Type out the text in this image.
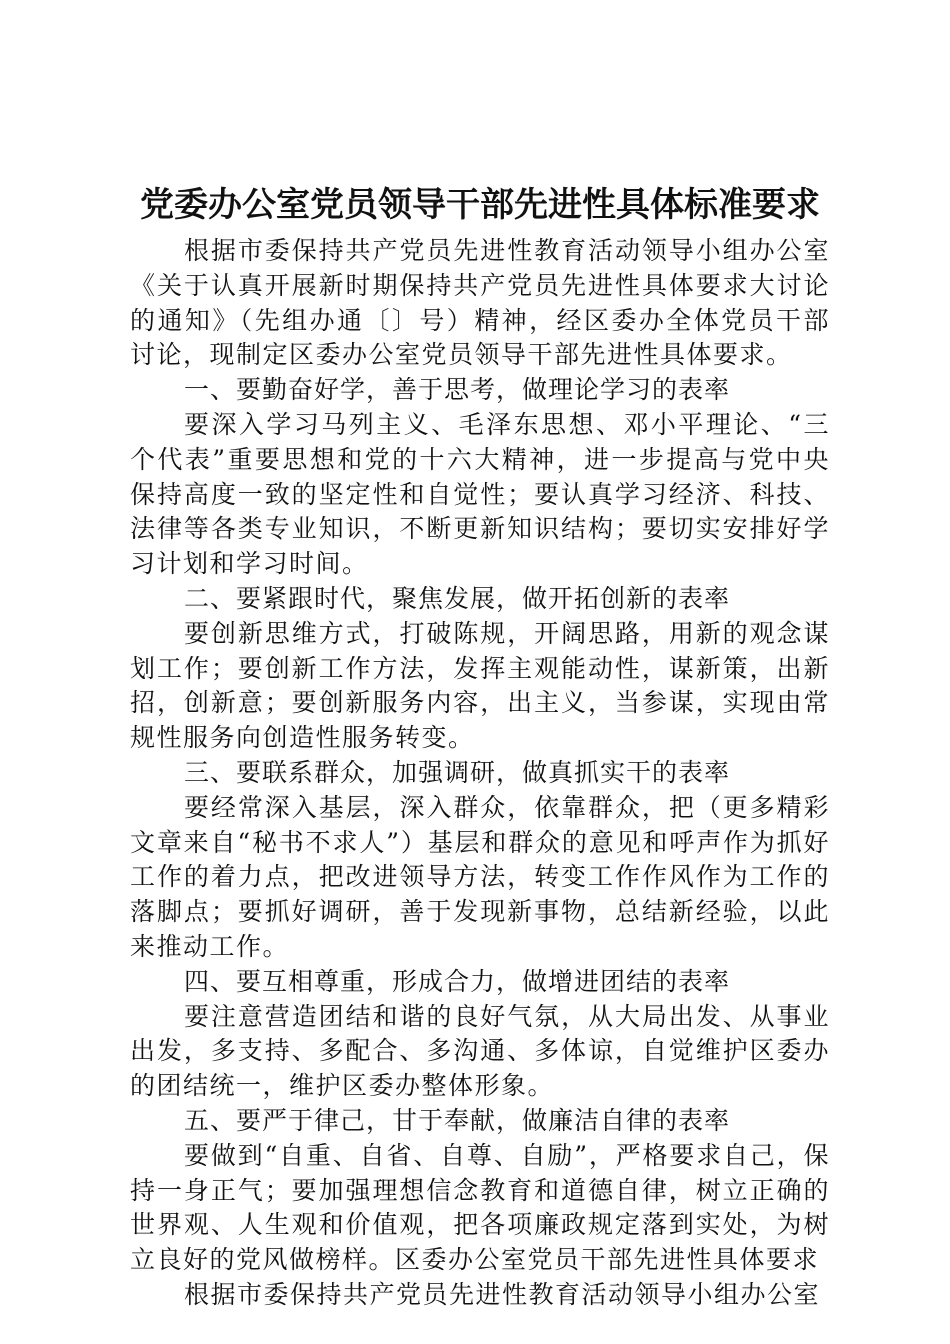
党委办公室党员领导干部先进性具体标准要求

根据市委保持共产党员先进性教育活动领导小组办公室《关于认真开展新时期保持共产党员先进性具体要求大讨论的通知》（先组办通〔〕号）精神，经区委办全体党员干部讨论，现制定区委办公室党员领导干部先进性具体要求。

一、要勤奋好学，善于思考，做理论学习的表率

要深入学习马列主义、毛泽东思想、邓小平理论、“三个代表”重要思想和党的十六大精神，进一步提高与党中央保持高度一致的坚定性和自觉性；要认真学习经济、科技、法律等各类专业知识，不断更新知识结构；要切实安排好学习计划和学习时间。

二、要紧跟时代，聚焦发展，做开拓创新的表率

要创新思维方式，打破陈规，开阔思路，用新的观念谋划工作；要创新工作方法，发挥主观能动性，谋新策，出新招，创新意；要创新服务内容，出主义，当参谋，实现由常规性服务向创造性服务转变。

三、要联系群众，加强调研，做真抓实干的表率

要经常深入基层，深入群众，依靠群众，把（更多精彩文章来自“秘书不求人”）基层和群众的意见和呼声作为抓好工作的着力点，把改进领导方法，转变工作作风作为工作的落脚点；要抓好调研，善于发现新事物，总结新经验，以此来推动工作。

四、要互相尊重，形成合力，做增进团结的表率

要注意营造团结和谐的良好气氛，从大局出发、从事业出发，多支持、多配合、多沟通、多体谅，自觉维护区委办的团结统一，维护区委办整体形象。

五、要严于律己，甘于奉献，做廉洁自律的表率

要做到“自重、自省、自尊、自励”，严格要求自己，保持一身正气；要加强理想信念教育和道德自律，树立正确的世界观、人生观和价值观，把各项廉政规定落到实处，为树立良好的党风做榜样。区委办公室党员干部先进性具体要求

根据市委保持共产党员先进性教育活动领导小组办公室
